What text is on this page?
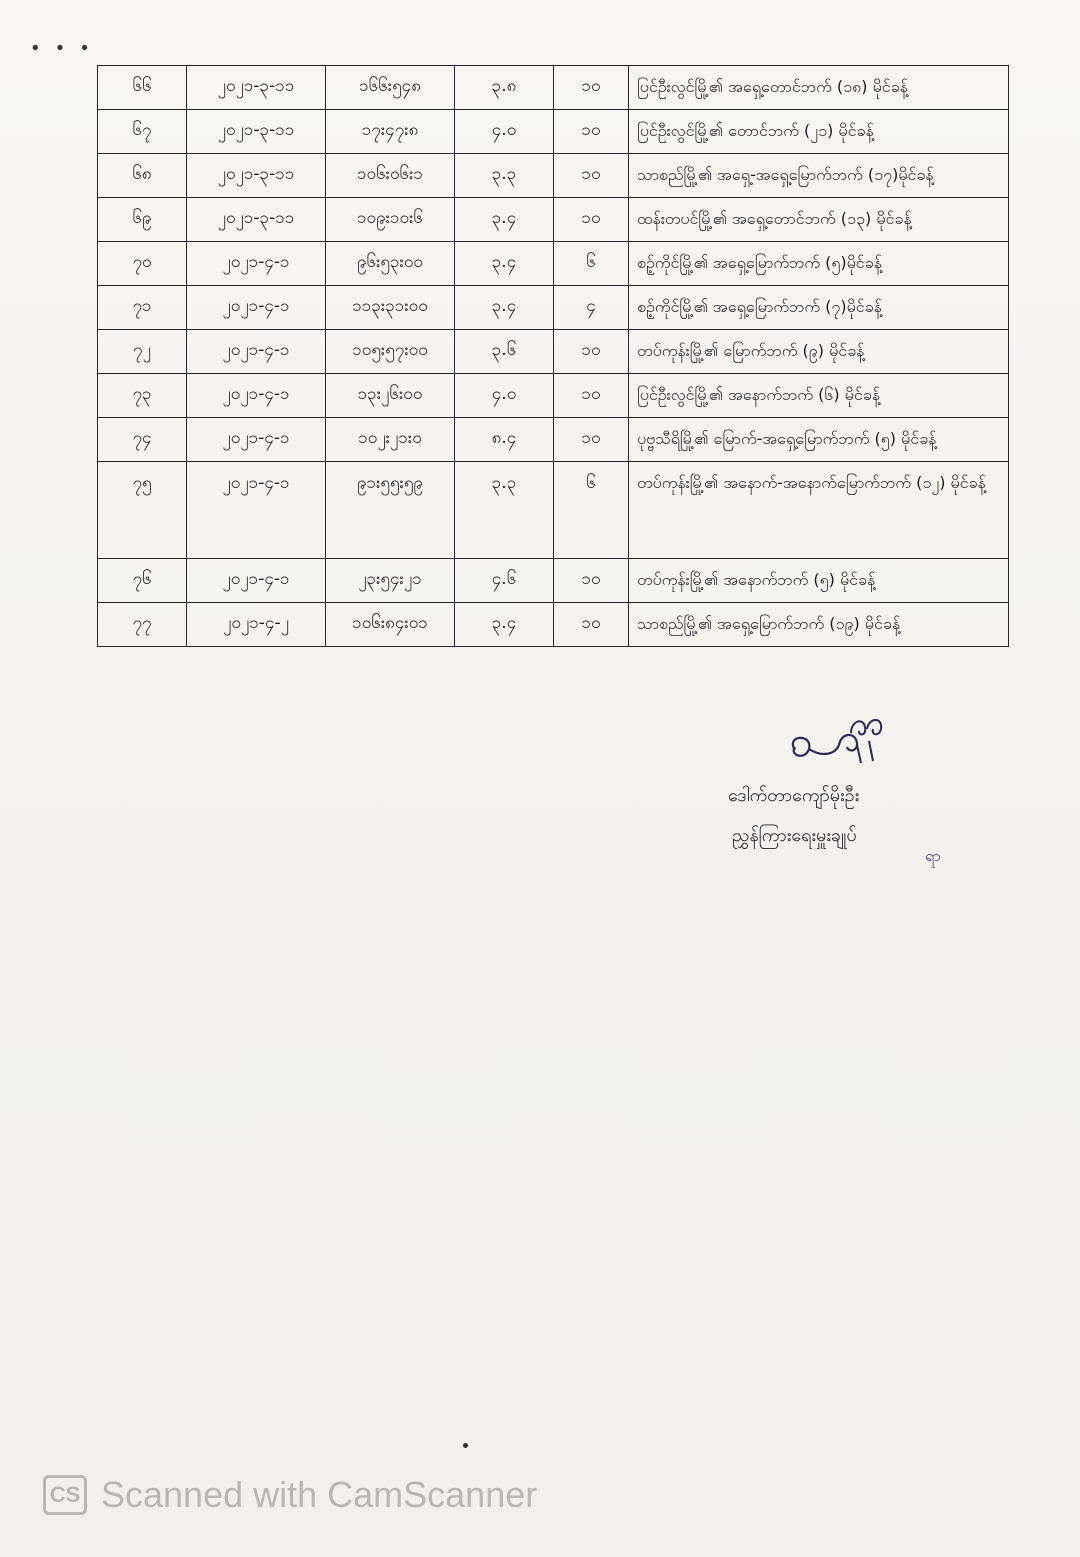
•••
၆၆	၂၀၂၁-၃-၁၁	၁၆၆း၅၄၈	၃.၈	၁၀	ပြင်ဦးလွင်မြို့၏ အရှေ့တောင်ဘက် (၁၈) မိုင်ခန့်
၆၇	၂၀၂၁-၃-၁၁	၁၇း၄၇း၈	၄.၀	၁၀	ပြင်ဦးလွင်မြို့၏ တောင်ဘက် (၂၁) မိုင်ခန့်
၆၈	၂၀၂၁-၃-၁၁	၁၀၆း၀၆း၁	၃.၃	၁၀	သာစည်မြို့၏ အရှေ့-အရှေ့မြောက်ဘက် (၁၇)မိုင်ခန့်
၆၉	၂၀၂၁-၃-၁၁	၁၀၉း၁၀း၆	၃.၄	၁၀	ထန်းတပင်မြို့၏ အရှေ့တောင်ဘက် (၁၃) မိုင်ခန့်
၇၀	၂၀၂၁-၄-၁	၉၆း၅၃း၀၀	၃.၄	၆	စဥ့်ကိုင်မြို့၏ အရှေ့မြောက်ဘက် (၅)မိုင်ခန့်
၇၁	၂၀၂၁-၄-၁	၁၁၃း၃၁း၀၀	၃.၄	၄	စဥ့်ကိုင်မြို့၏ အရှေ့မြောက်ဘက် (၇)မိုင်ခန့်
၇၂	၂၀၂၁-၄-၁	၁၀၅း၅၇း၀၀	၃.၆	၁၀	တပ်ကုန်းမြို့၏ မြောက်ဘက် (၉) မိုင်ခန့်
၇၃	၂၀၂၁-၄-၁	၁၃း၂၆း၀၀	၄.၀	၁၀	ပြင်ဦးလွင်မြို့၏ အနောက်ဘက် (၆) မိုင်ခန့်
၇၄	၂၀၂၁-၄-၁	၁၀၂း၂၁း၀	၈.၄	၁၀	ပုဗ္ဗသီရိမြို့၏ မြောက်-အရှေ့မြောက်ဘက် (၅) မိုင်ခန့်
၇၅	၂၀၂၁-၄-၁	၉၁း၅၅း၅၉	၃.၃	၆	တပ်ကုန်းမြို့၏ အနောက်-အနောက်မြောက်ဘက် (၁၂) မိုင်ခန့်
၇၆	၂၀၂၁-၄-၁	၂၃း၅၄း၂၁	၄.၆	၁၀	တပ်ကုန်းမြို့၏ အနောက်ဘက် (၅) မိုင်ခန့်
၇၇	၂၀၂၁-၄-၂	၁၀၆း၈၄း၀၁	၃.၄	၁၀	သာစည်မြို့၏ အရှေ့မြောက်ဘက် (၁၉) မိုင်ခန့်
ဒေါက်တာကျော်မိုးဦး
ညွှန်ကြားရေးမှူးချုပ်
ရာ
CS Scanned with CamScanner
